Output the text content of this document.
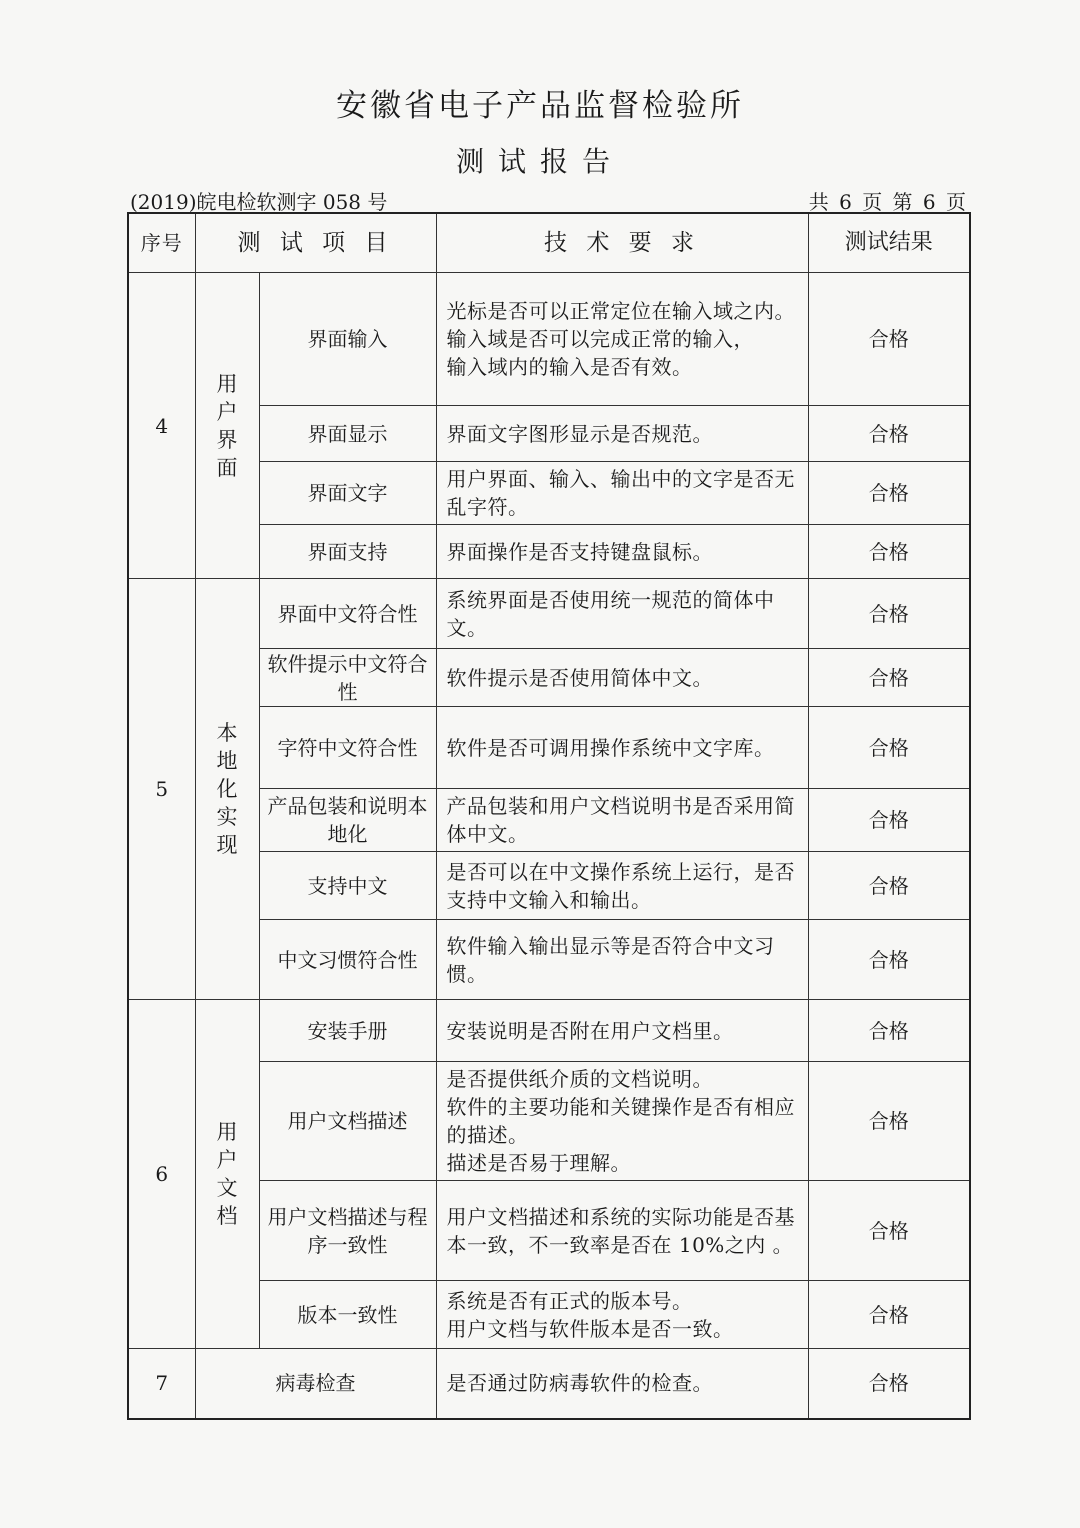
安徽省电子产品监督检验所
测试报告
(2019)皖电检软测字 058 号	共 6 页 第 6 页
序号	测 试 项 目		技 术 要 求	测试结果
4	用户界面	界面输入	光标是否可以正常定位在输入域之内。
输入域是否可以完成正常的输入，
输入域内的输入是否有效。	合格
		界面显示	界面文字图形显示是否规范。	合格
		界面文字	用户界面、输入、输出中的文字是否无乱字符。	合格
		界面支持	界面操作是否支持键盘鼠标。	合格
5	本地化实现	界面中文符合性	系统界面是否使用统一规范的简体中文。	合格
		软件提示中文符合性	软件提示是否使用简体中文。	合格
		字符中文符合性	软件是否可调用操作系统中文字库。	合格
		产品包装和说明本地化	产品包装和用户文档说明书是否采用简体中文。	合格
		支持中文	是否可以在中文操作系统上运行，是否支持中文输入和输出。	合格
		中文习惯符合性	软件输入输出显示等是否符合中文习惯。	合格
6	用户文档	安装手册	安装说明是否附在用户文档里。	合格
		用户文档描述	是否提供纸介质的文档说明。
软件的主要功能和关键操作是否有相应的描述。
描述是否易于理解。	合格
		用户文档描述与程序一致性	用户文档描述和系统的实际功能是否基本一致，不一致率是否在 10%之内 。	合格
		版本一致性	系统是否有正式的版本号。
用户文档与软件版本是否一致。	合格
7	病毒检查		是否通过防病毒软件的检查。	合格
